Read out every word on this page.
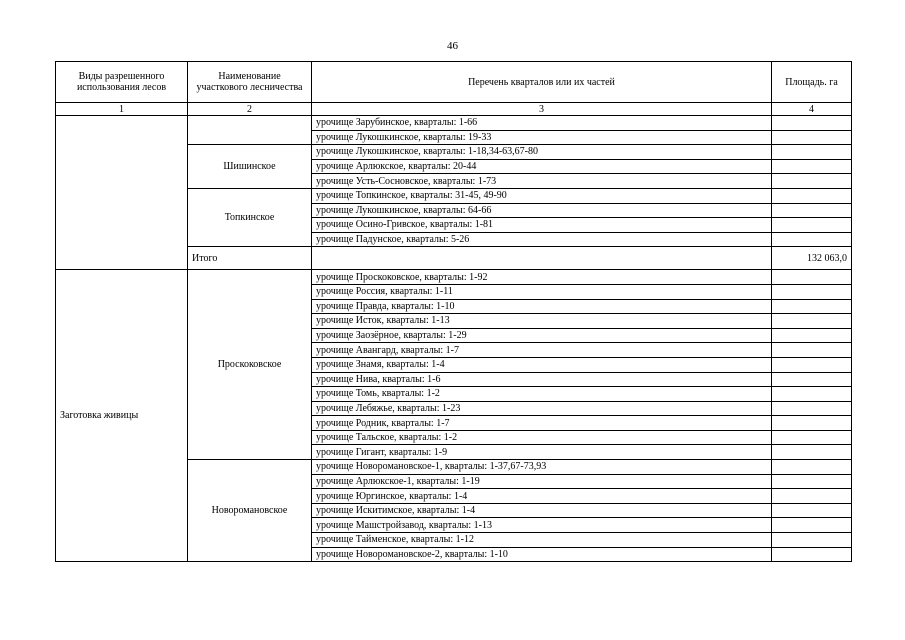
46
Виды разрешенного использования лесов	Наименование участкового лесничества	Перечень кварталов или их частей	Площадь. га
1	2	3	4
		урочище Зарубинское, кварталы: 1-66	
		урочище Лукошкинское, кварталы: 19-33	
	Шишинское	урочище Лукошкинское, кварталы: 1-18,34-63,67-80	
		урочище Арлюкское, кварталы: 20-44	
		урочище Усть-Сосновское, кварталы: 1-73	
	Топкинское	урочище Топкинское, кварталы: 31-45, 49-90	
		урочище Лукошкинское, кварталы: 64-66	
		урочище Осино-Гривское, кварталы: 1-81	
		урочище Падунское, кварталы: 5-26	
	Итого		132 063,0
Заготовка живицы	Проскоковское	урочище Проскоковское, кварталы: 1-92	
		урочище Россия, кварталы: 1-11	
		урочище Правда, кварталы: 1-10	
		урочище Исток, кварталы: 1-13	
		урочище Заозёрное, кварталы: 1-29	
		урочище Авангард, кварталы: 1-7	
		урочище Знамя, кварталы: 1-4	
		урочище Нива, кварталы: 1-6	
		урочище Томь, кварталы: 1-2	
		урочище Лебяжье, кварталы: 1-23	
		урочище Родник, кварталы: 1-7	
		урочище Тальское, кварталы: 1-2	
		урочище Гигант, кварталы: 1-9	
	Новоромановское	урочище Новоромановское-1, кварталы: 1-37,67-73,93	
		урочище Арлюкское-1, кварталы: 1-19	
		урочище Юргинское, кварталы: 1-4	
		урочище Искитимское, кварталы: 1-4	
		урочище Машстройзавод, кварталы: 1-13	
		урочище Тайменское, кварталы: 1-12	
		урочище Новоромановское-2, кварталы: 1-10	
